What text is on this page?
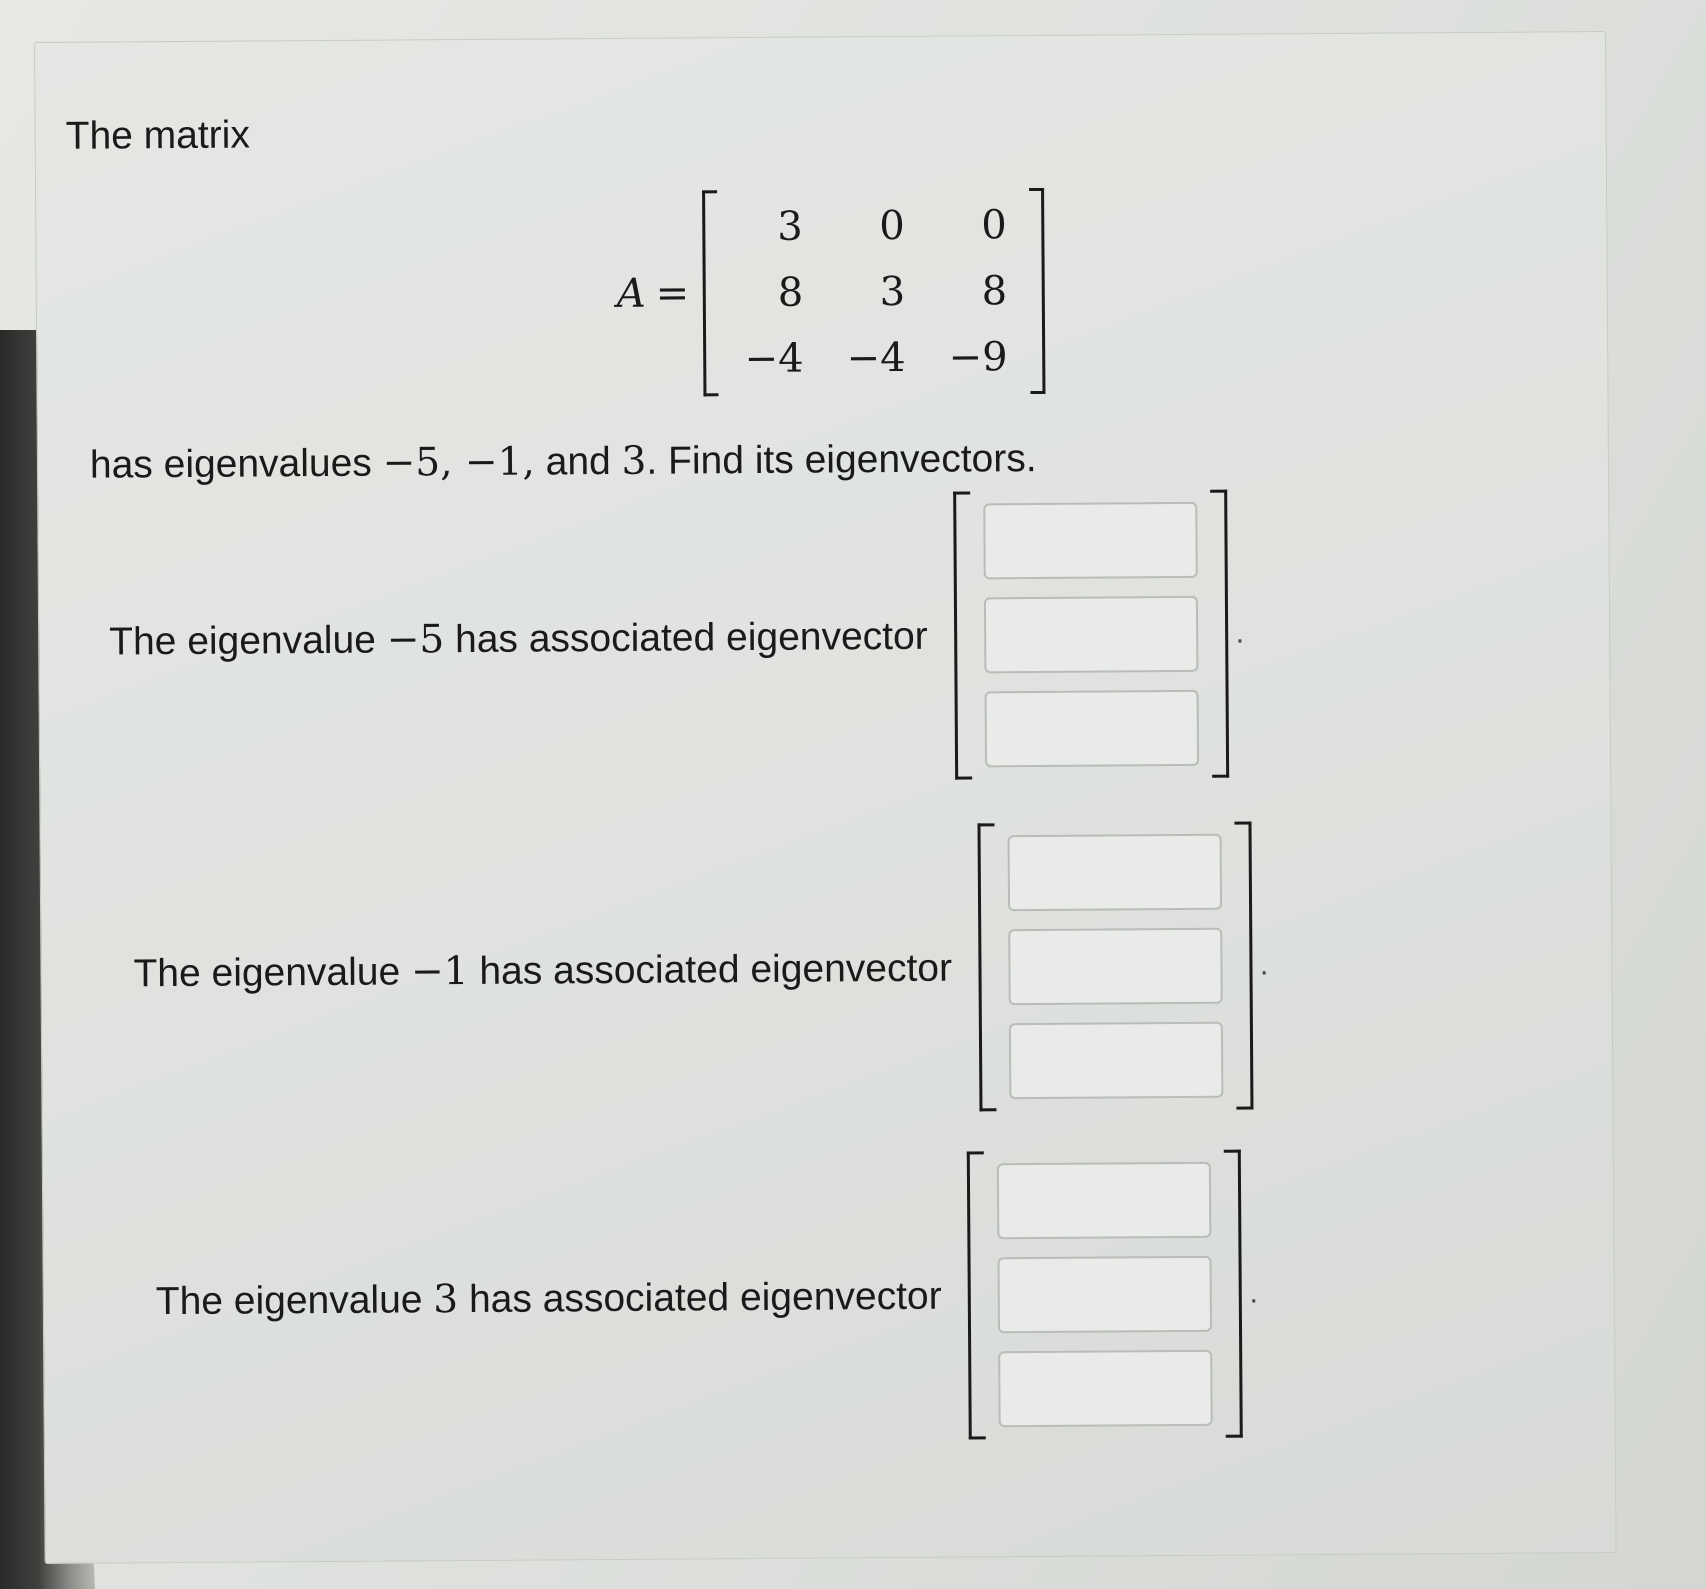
The matrix
A =
3	0	0
8	3	8
−4	−4	−9
has eigenvalues −5, −1, and 3. Find its eigenvectors.
The eigenvalue −5 has associated eigenvector	.
The eigenvalue −1 has associated eigenvector	.
The eigenvalue 3 has associated eigenvector	.
